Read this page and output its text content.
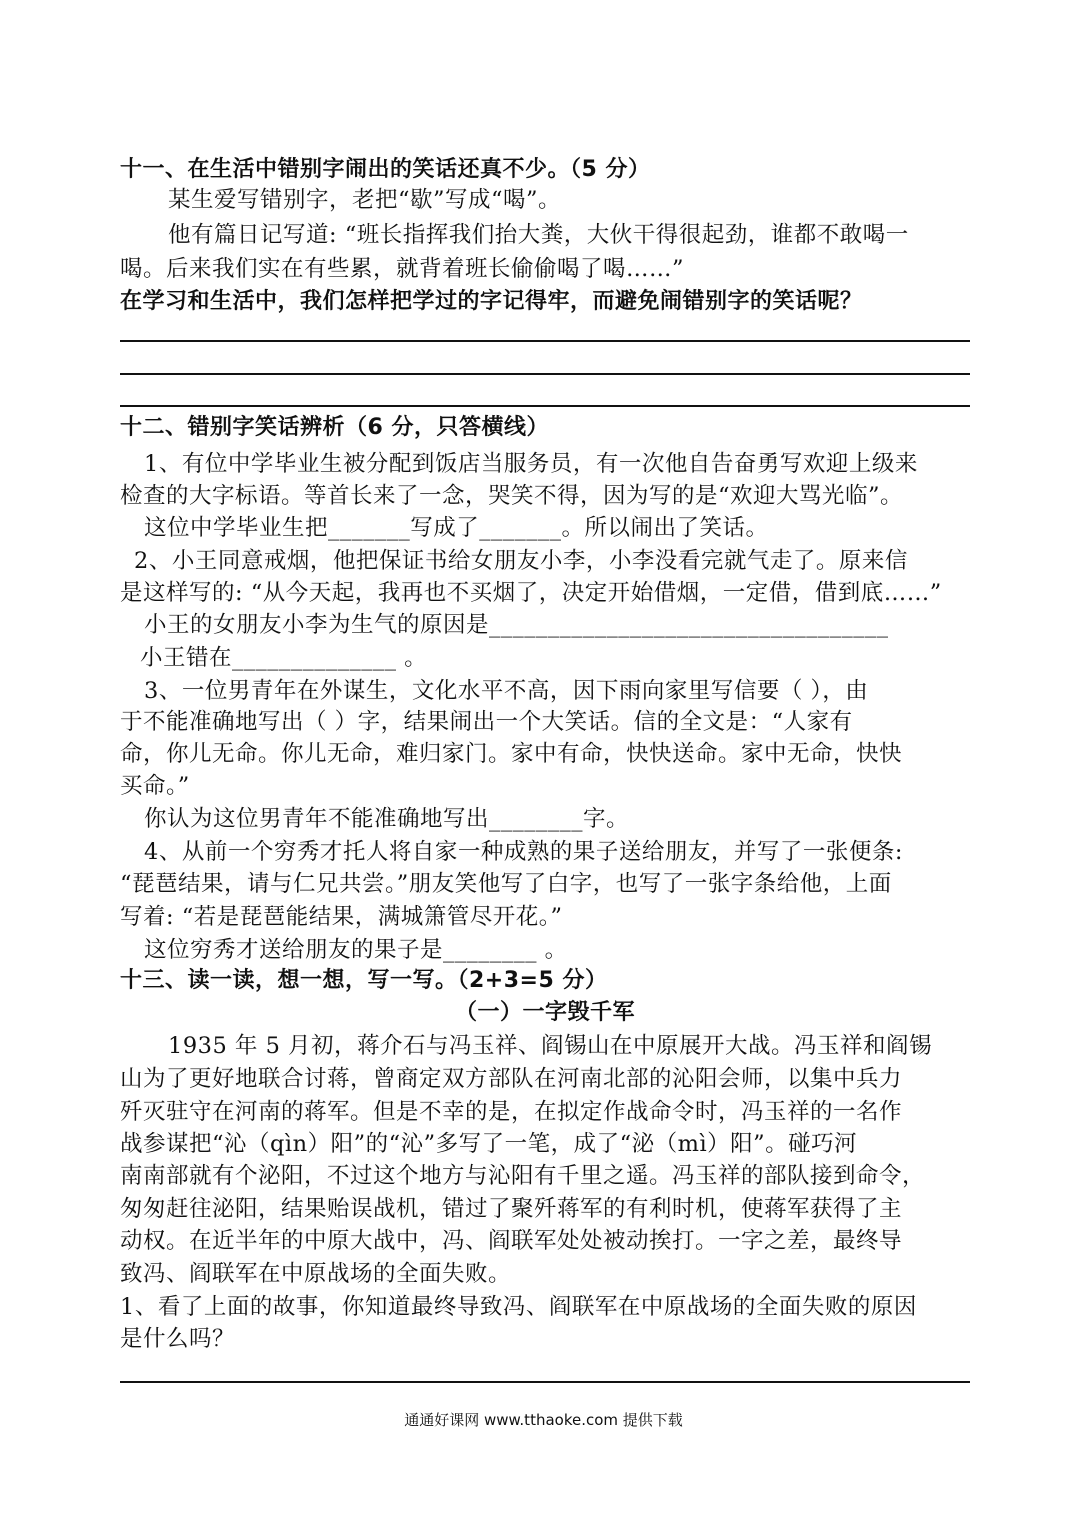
十一、在生活中错别字闹出的笑话还真不少。（5 分）
某生爱写错别字，老把“歇”写成“喝”。
他有篇日记写道: “班长指挥我们抬大粪，大伙干得很起劲，谁都不敢喝一
喝。后来我们实在有些累，就背着班长偷偷喝了喝……”
在学习和生活中，我们怎样把学过的字记得牢，而避免闹错别字的笑话呢？
十二、错别字笑话辨析（6 分，只答横线）
1、有位中学毕业生被分配到饭店当服务员，有一次他自告奋勇写欢迎上级来
检查的大字标语。等首长来了一念，哭笑不得，因为写的是“欢迎大骂光临”。
这位中学毕业生把_______写成了_______。所以闹出了笑话。
2、小王同意戒烟，他把保证书给女朋友小李，小李没看完就气走了。原来信
是这样写的: “从今天起，我再也不买烟了，决定开始借烟，一定借，借到底……”
小王的女朋友小李为生气的原因是__________________________________
小王错在______________ 。
3、一位男青年在外谋生，文化水平不高，因下雨向家里写信要（ ），由
于不能准确地写出（ ）字，结果闹出一个大笑话。信的全文是：“人家有
命，你儿无命。你儿无命，难归家门。家中有命，快快送命。家中无命，快快
买命。”
你认为这位男青年不能准确地写出________字。
4、从前一个穷秀才托人将自家一种成熟的果子送给朋友，并写了一张便条:
“琵琶结果，请与仁兄共尝。”朋友笑他写了白字，也写了一张字条给他，上面
写着: “若是琵琶能结果，满城箫管尽开花。”
这位穷秀才送给朋友的果子是________ 。
十三、读一读，想一想，写一写。（2+3=5 分）
（一）一字毁千军
1935 年 5 月初，蒋介石与冯玉祥、阎锡山在中原展开大战。冯玉祥和阎锡
山为了更好地联合讨蒋，曾商定双方部队在河南北部的沁阳会师，以集中兵力
歼灭驻守在河南的蒋军。但是不幸的是，在拟定作战命令时，冯玉祥的一名作
战参谋把“沁（qìn）阳”的“沁”多写了一笔，成了“泌（mì）阳”。碰巧河
南南部就有个泌阳，不过这个地方与沁阳有千里之遥。冯玉祥的部队接到命令，
匆匆赶往泌阳，结果贻误战机，错过了聚歼蒋军的有利时机，使蒋军获得了主
动权。在近半年的中原大战中，冯、阎联军处处被动挨打。一字之差，最终导
致冯、阎联军在中原战场的全面失败。
1、看了上面的故事，你知道最终导致冯、阎联军在中原战场的全面失败的原因
是什么吗？
通通好课网 www.tthaoke.com 提供下载
